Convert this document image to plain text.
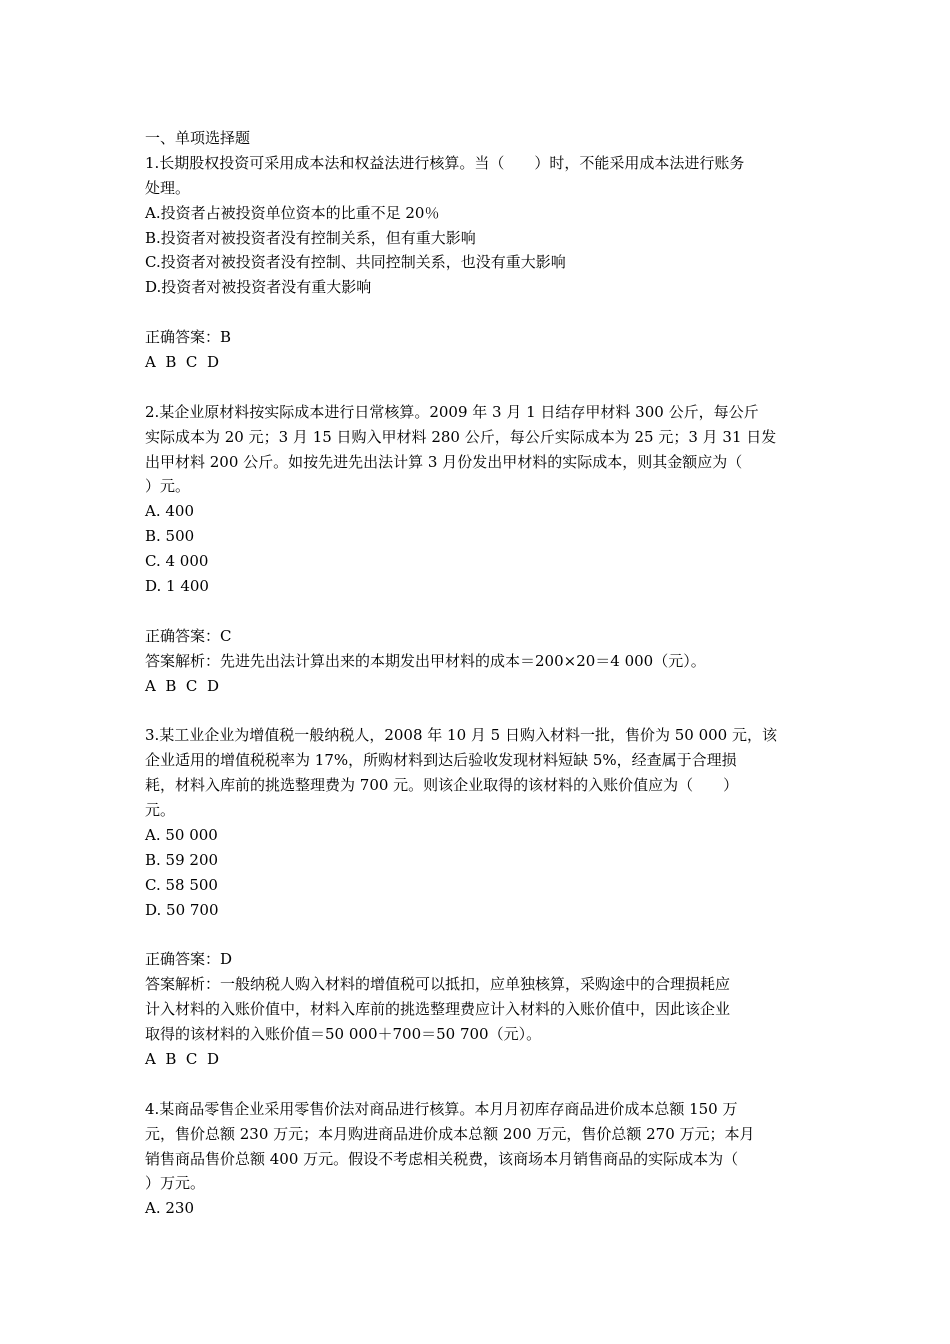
一、单项选择题
1.长期股权投资可采用成本法和权益法进行核算。当（　　）时，不能采用成本法进行账务
处理。
A.投资者占被投资单位资本的比重不足 20％
B.投资者对被投资者没有控制关系，但有重大影响
C.投资者对被投资者没有控制、共同控制关系，也没有重大影响
D.投资者对被投资者没有重大影响
正确答案：B
A  B  C  D
2.某企业原材料按实际成本进行日常核算。2009 年 3 月 1 日结存甲材料 300 公斤，每公斤
实际成本为 20 元；3 月 15 日购入甲材料 280 公斤，每公斤实际成本为 25 元；3 月 31 日发
出甲材料 200 公斤。如按先进先出法计算 3 月份发出甲材料的实际成本，则其金额应为（
）元。
A. 400
B. 500
C. 4 000
D. 1 400
正确答案：C
答案解析：先进先出法计算出来的本期发出甲材料的成本＝200×20＝4 000（元）。
A  B  C  D
3.某工业企业为增值税一般纳税人，2008 年 10 月 5 日购入材料一批，售价为 50 000 元，该
企业适用的增值税税率为 17%，所购材料到达后验收发现材料短缺 5%，经查属于合理损
耗，材料入库前的挑选整理费为 700 元。则该企业取得的该材料的入账价值应为（　　）
元。
A. 50 000
B. 59 200
C. 58 500
D. 50 700
正确答案：D
答案解析：一般纳税人购入材料的增值税可以抵扣，应单独核算，采购途中的合理损耗应
计入材料的入账价值中，材料入库前的挑选整理费应计入材料的入账价值中，因此该企业
取得的该材料的入账价值＝50 000＋700＝50 700（元）。
A  B  C  D
4.某商品零售企业采用零售价法对商品进行核算。本月月初库存商品进价成本总额 150 万
元，售价总额 230 万元；本月购进商品进价成本总额 200 万元，售价总额 270 万元；本月
销售商品售价总额 400 万元。假设不考虑相关税费，该商场本月销售商品的实际成本为（
）万元。
A. 230
